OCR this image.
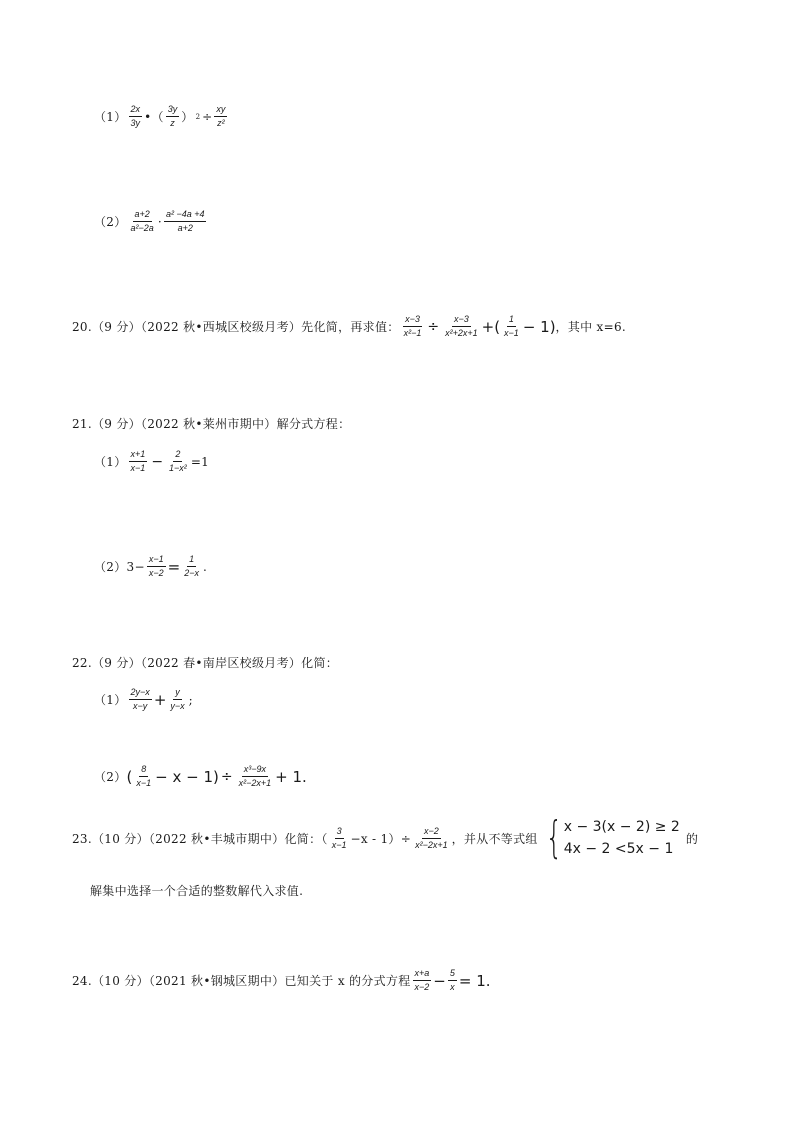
$(1) \frac{2x}{3y}$ • （ $\frac{3y}{z}$ ） $2 \div \frac{xy}{\text{z²}}$
$(2) \frac{a+2}{\text{a²−2a}} \cdot \frac{\text{a² −4a +4}}{a+2}$
20.（9 分）（2022 秋•西城区校级月考）先化简，再求值： $\frac{x-3}{\text{x²−1}} \div \frac{x-3}{\text{x²+2x+1}}$ + ( $\frac{1}{x-1} - 1$) ，其中 x=6.
21.（9 分）（2022 秋•莱州市期中）解分式方程：
$(1) \frac{x+1}{x-1} - \frac{2}{\text{1−x²}} =1$
（2） $3- \frac{x-1}{x-2} = \frac{1}{2-x}$ .
22.（9 分）（2022 春•南岸区校级月考）化简：
$(1) \frac{2y-x}{x-y} + \frac{y}{y-x}$ ;
（2） ( $\frac{8}{x-1} - x - 1) \div \frac{\text{x³−9x}}{\text{x²−2x+1}} + 1$.
23.（10 分）（2022 秋•丰城市期中）化简：（ $\frac{3}{x-1} -x - 1)\div \frac{x-2}{\text{x²−2x+1}}$ ，并从不等式组 { x − 3(x − 2) ≥ 2
4x − 2 <5x − 1
的
解集中选择一个合适的整数解代入求值.
24.（10 分）（2021 秋•钢城区期中）已知关于 x 的分式方程 $\frac{x+a}{x-2} - \frac{5}{x} = 1$.
